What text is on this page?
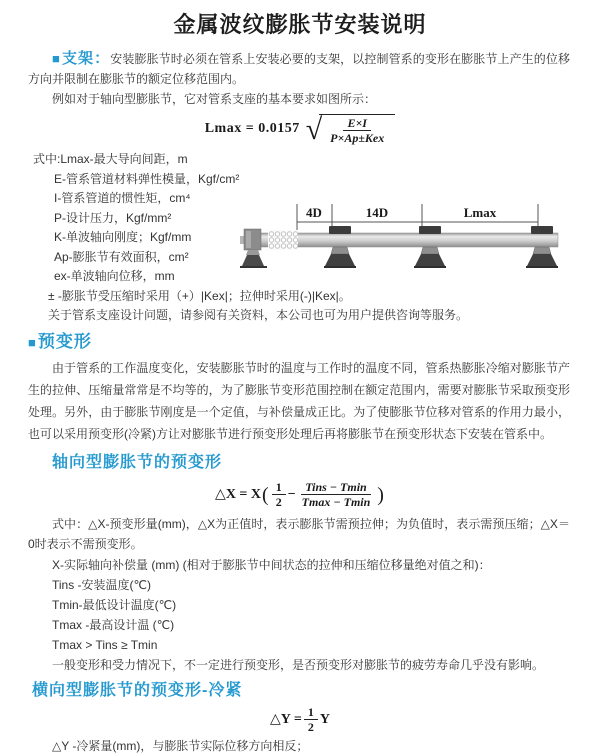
金属波纹膨胀节安装说明

■支架：安装膨胀节时必须在管系上安装必要的支架，以控制管系的变形在膨胀节上产生的位移方向并限制在膨胀节的额定位移范围内。

例如对于轴向型膨胀节，它对管系支座的基本要求如图所示：

Lmax = 0.0157 √ $\frac{E\times I}{\text{P×Ap±Kex}}$

式中:Lmax-最大导向间距，m

E-管系管道材料弹性模量，Kgf/cm²

I-管系管道的惯性矩，cm⁴

P-设计压力，Kgf/mm²

K-单波轴向刚度；Kgf/mm

Ap-膨胀节有效面积，cm²

ex-单波轴向位移，mm

± -膨胀节受压缩时采用（+）|Kex|；拉伸时采用(-)|Kex|。

关于管系支座设计问题，请参阅有关资料，本公司也可为用户提供咨询等服务。

4D	14D	Lmax
■预变形

由于管系的工作温度变化，安装膨胀节时的温度与工作时的温度不同，管系热膨胀冷缩对膨胀节产生的拉伸、压缩量常常是不均等的，为了膨胀节变形范围控制在额定范围内，需要对膨胀节采取预变形处理。另外，由于膨胀节刚度是一个定值，与补偿量成正比。为了使膨胀节位移对管系的作用力最小，也可以采用预变形(冷紧)方让对膨胀节进行预变形处理后再将膨胀节在预变形状态下安装在管系中。

轴向型膨胀节的预变形
△X = X ( $\frac{1}{2} - \frac{\text{Tins − Tmin}}{Tmax - Tmin}$ )

式中：△X-预变形量(mm)，△X为正值时，表示膨胀节需预拉伸；为负值时，表示需预压缩；△X＝0时表示不需预变形。

X-实际轴向补偿量 (mm) (相对于膨胀节中间状态的拉伸和压缩位移量绝对值之和)：

Tins -安装温度(℃)

Tmin-最低设计温度(℃)

Tmax -最高设计温 (℃)

Tmax > Tins ≥ Tmin

一般变形和受力情况下，不一定进行预变形，是否预变形对膨胀节的疲劳寿命几乎没有影响。

横向型膨胀节的预变形-冷紧
△Y = $\frac{1}{2}$ Y

△Y -冷紧量(mm)，与膨胀节实际位移方向相反；
